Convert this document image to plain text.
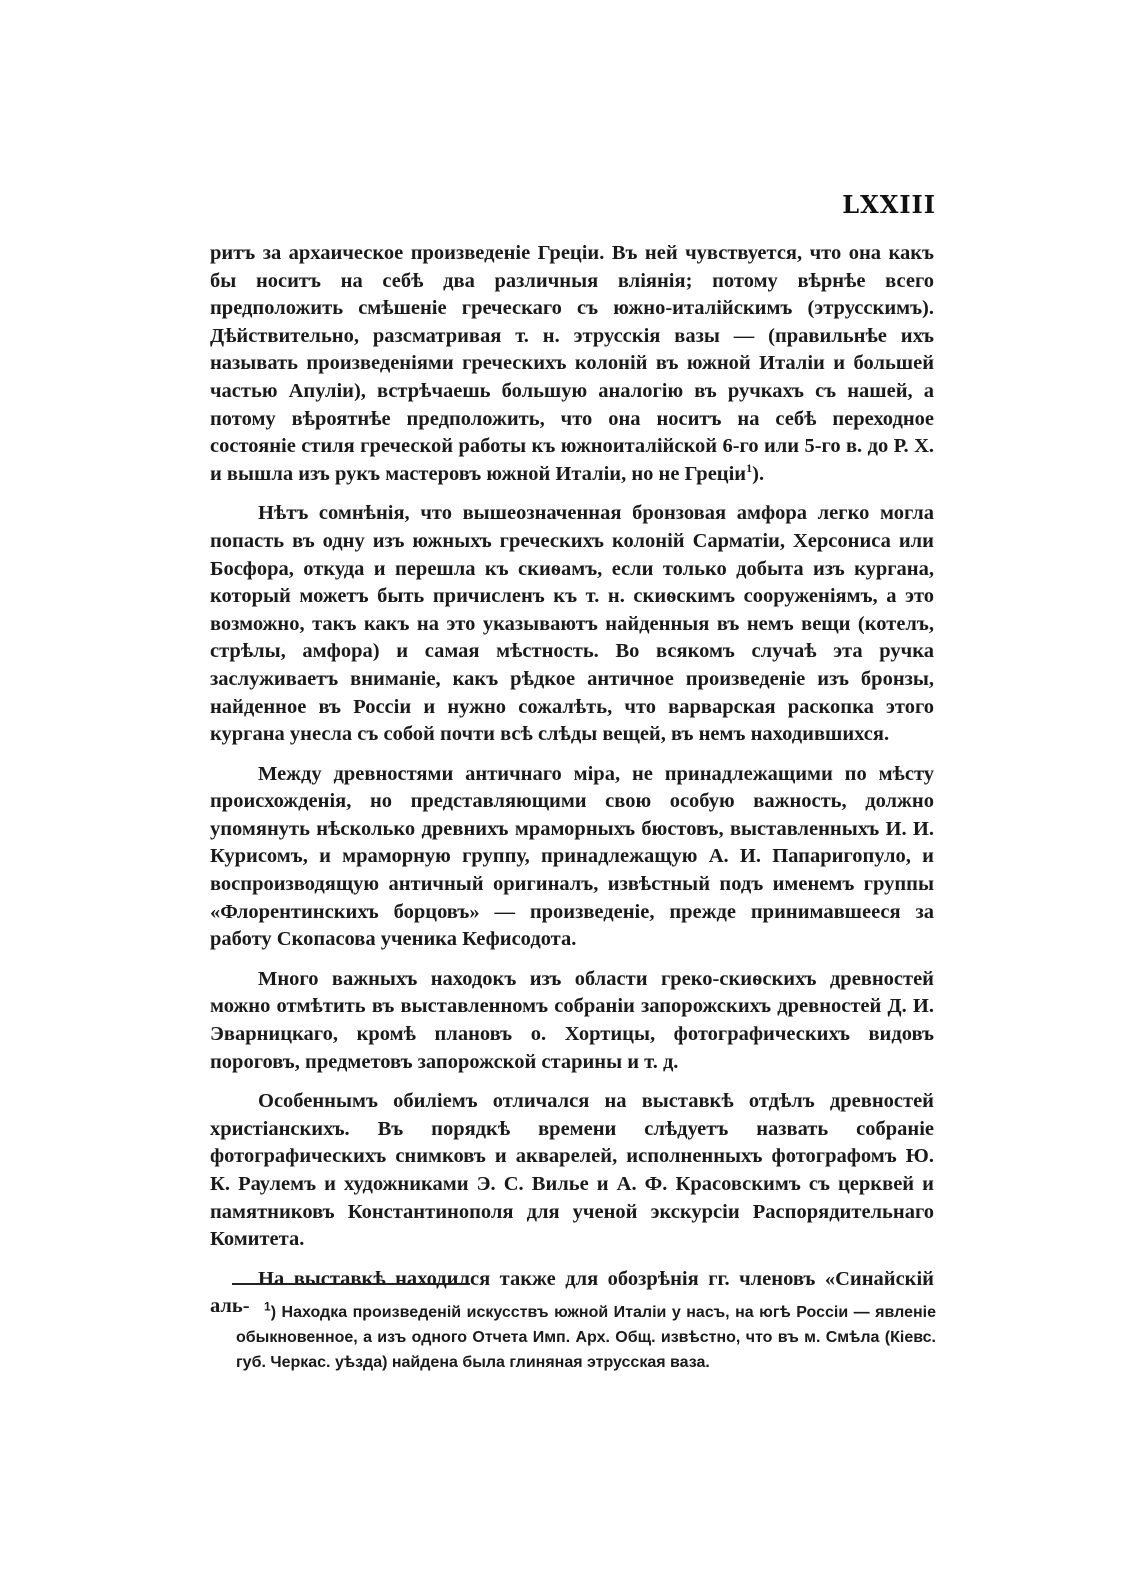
LXXIII

ритъ за архаическое произведеніе Греціи. Въ ней чувствуется, что она какъ бы носитъ на себѣ два различныя вліянія; потому вѣрнѣе всего предположить смѣшеніе греческаго съ южно-италійскимъ (этрусскимъ). Дѣйствительно, разсматривая т. н. этрусскія вазы — (правильнѣе ихъ называть произведеніями греческихъ колоній въ южной Италіи и большей частью Апуліи), встрѣчаешь большую аналогію въ ручкахъ съ нашей, а потому вѣроятнѣе предположить, что она носитъ на себѣ переходное состояніе стиля греческой работы къ южноиталійской 6-го или 5-го в. до Р. Х. и вышла изъ рукъ мастеровъ южной Италіи, но не Греціи$^1$).

Нѣтъ сомнѣнія, что вышеозначенная бронзовая амфора легко могла попасть въ одну изъ южныхъ греческихъ колоній Сарматіи, Херсониса или Босфора, откуда и перешла къ скиѳамъ, если только добыта изъ кургана, который можетъ быть причисленъ къ т. н. скиѳскимъ сооруженіямъ, а это возможно, такъ какъ на это указываютъ найденныя въ немъ вещи (котелъ, стрѣлы, амфора) и самая мѣстность. Во всякомъ случаѣ эта ручка заслуживаетъ вниманіе, какъ рѣдкое античное произведеніе изъ бронзы, найденное въ Россіи и нужно сожалѣть, что варварская раскопка этого кургана унесла съ собой почти всѣ слѣды вещей, въ немъ находившихся.

Между древностями античнаго міра, не принадлежащими по мѣсту происхожденія, но представляющими свою особую важность, должно упомянуть нѣсколько древнихъ мраморныхъ бюстовъ, выставленныхъ И. И. Курисомъ, и мраморную группу, принадлежащую А. И. Папаригопуло, и воспроизводящую античный оригиналъ, извѣстный подъ именемъ группы «Флорентинскихъ борцовъ» — произведеніе, прежде принимавшееся за работу Скопасова ученика Кефисодота.

Много важныхъ находокъ изъ области греко-скиѳскихъ древностей можно отмѣтить въ выставленномъ собраніи запорожскихъ древностей Д. И. Эварницкаго, кромѣ плановъ о. Хортицы, фотографическихъ видовъ пороговъ, предметовъ запорожской старины и т. д.

Особеннымъ обиліемъ отличался на выставкѣ отдѣлъ древностей христіанскихъ. Въ порядкѣ времени слѣдуетъ назвать собраніе фотографическихъ снимковъ и акварелей, исполненныхъ фотографомъ Ю. К. Раулемъ и художниками Э. С. Вилье и А. Ф. Красовскимъ съ церквей и памятниковъ Константинополя для ученой экскурсіи Распорядительнаго Комитета.

На выставкѣ находился также для обозрѣнія гг. членовъ «Синайскій аль-	$^1$) Находка произведеній искусствъ южной Италіи у насъ, на югѣ Россіи — явленіе обыкновенное, а изъ одного Отчета Имп. Арх. Общ. извѣстно, что въ м. Смѣла (Кіевс. губ. Черкас. уѣзда) найдена была глиняная этрусская ваза.
